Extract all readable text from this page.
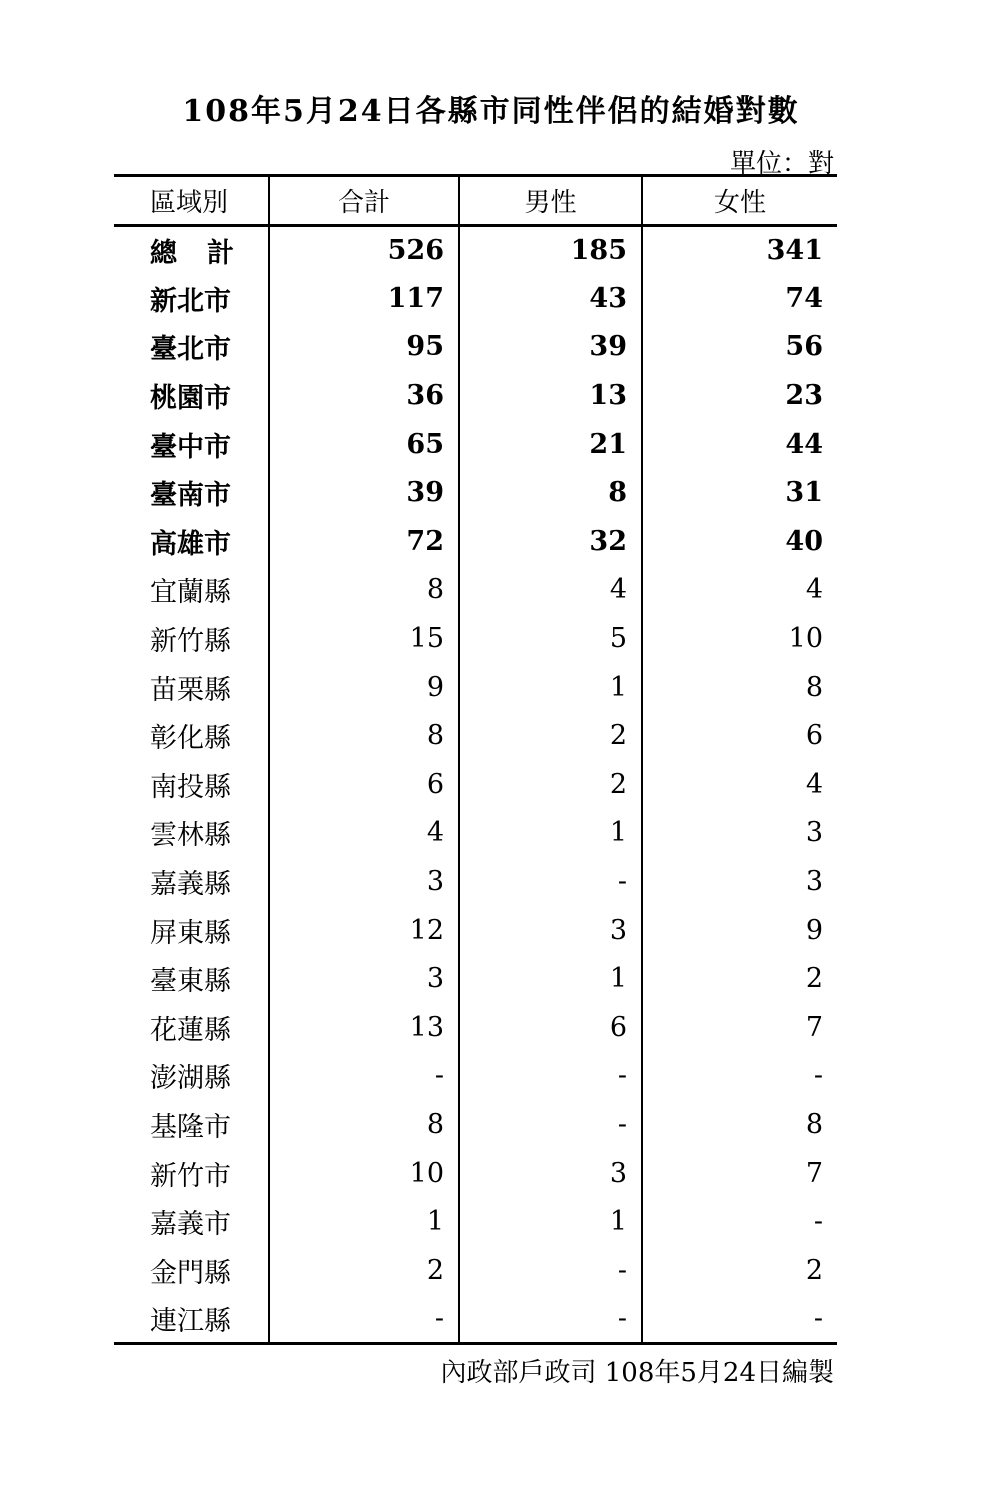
108年5月24日各縣市同性伴侶的結婚對數
單位：對
區域別	合計	男性	女性
總計	526	185	341
新北市	117	43	74
臺北市	95	39	56
桃園市	36	13	23
臺中市	65	21	44
臺南市	39	8	31
高雄市	72	32	40
宜蘭縣	8	4	4
新竹縣	15	5	10
苗栗縣	9	1	8
彰化縣	8	2	6
南投縣	6	2	4
雲林縣	4	1	3
嘉義縣	3	-	3
屏東縣	12	3	9
臺東縣	3	1	2
花蓮縣	13	6	7
澎湖縣	-	-	-
基隆市	8	-	8
新竹市	10	3	7
嘉義市	1	1	-
金門縣	2	-	2
連江縣	-	-	-
內政部戶政司 108年5月24日編製
